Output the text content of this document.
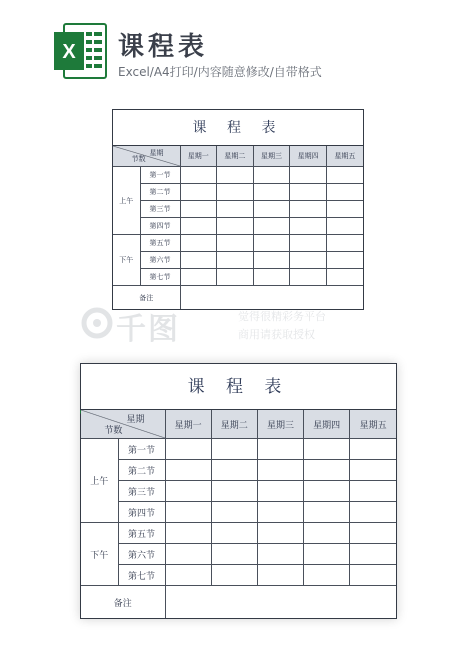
X 课程表
Excel/A4打印/内容随意修改/自带格式
课 程 表
星期
节数		星期一	星期二	星期三	星期四	星期五
上午	第一节					
	第二节					
	第三节					
	第四节					
下午	第五节					
	第六节					
	第七节					
备注						
千图	觉得很精彩务平台
商用请获取授权
课 程 表
星期
节数		星期一	星期二	星期三	星期四	星期五
上午	第一节					
	第二节					
	第三节					
	第四节					
下午	第五节					
	第六节					
	第七节					
备注						
